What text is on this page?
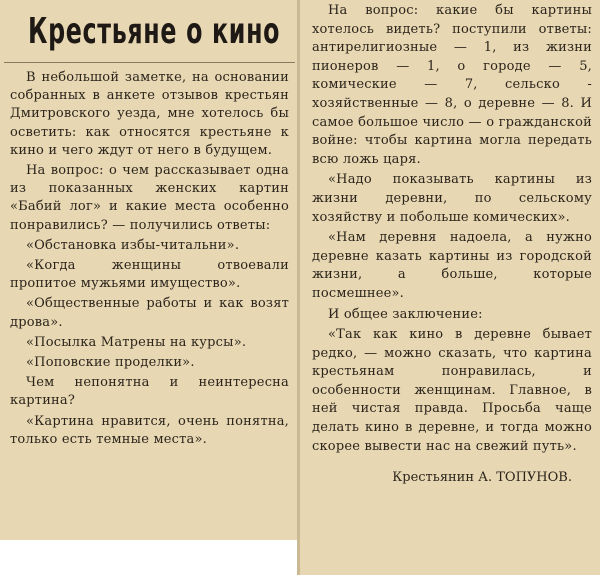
Крестьяне о кино

В небольшой заметке, на основании собранных в анкете отзывов крестьян Дмитровского уезда, мне хотелось бы осветить: как относятся крестьяне к кино и чего ждут от него в будущем.

На вопрос: о чем рассказывает одна из показанных женских картин «Бабий лог» и какие места особенно понравились? — получились ответы:

«Обстановка избы-читальни».

«Когда женщины отвоевали пропитое мужьями имущество».

«Общественные работы и как возят дрова».

«Посылка Матрены на курсы».

«Поповские проделки».

Чем непонятна и неинтересна картина?

«Картина нравится, очень понятна, только есть темные места».

На вопрос: какие бы картины хотелось видеть? поступили ответы: антирелигиозные — 1, из жизни пионеров — 1, о городе — 5, комические — 7, сельско - хозяйственные — 8, о деревне — 8. И самое большое число — о гражданской войне: чтобы картина могла передать всю ложь царя.

«Надо показывать картины из жизни деревни, по сельскому хозяйству и побольше комических».

«Нам деревня надоела, а нужно деревне казать картины из городской жизни, а больше, которые посмешнее».

И общее заключение:

«Так как кино в деревне бывает редко, — можно сказать, что картина крестьянам понравилась, и особенности женщинам. Главное, в ней чистая правда. Просьба чаще делать кино в деревне, и тогда можно скорее вывести нас на свежий путь».

Крестьянин А. ТОПУНОВ.
